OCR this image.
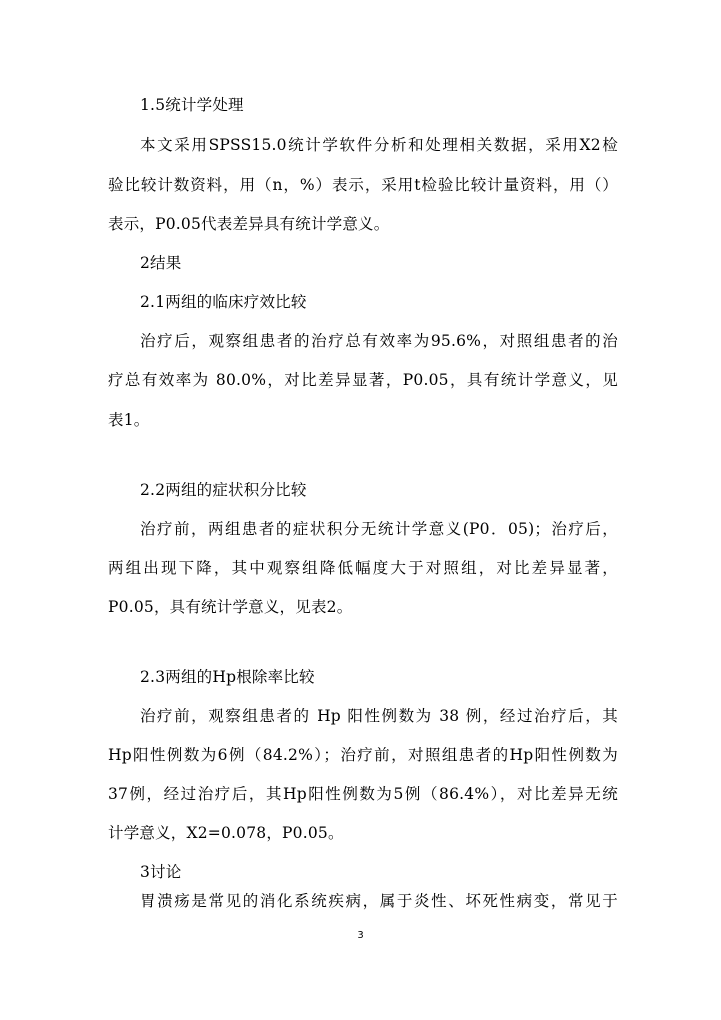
1.5统计学处理
本文采用SPSS15.0统计学软件分析和处理相关数据，采用X2检
验比较计数资料，用（n，%）表示，采用t检验比较计量资料，用（）
表示，P0.05代表差异具有统计学意义。
2结果
2.1两组的临床疗效比较
治疗后，观察组患者的治疗总有效率为95.6%，对照组患者的治
疗总有效率为 80.0%，对比差异显著，P0.05，具有统计学意义，见
表1。
2.2两组的症状积分比较
治疗前，两组患者的症状积分无统计学意义(P0．05)；治疗后，
两组出现下降，其中观察组降低幅度大于对照组，对比差异显著，
P0.05，具有统计学意义，见表2。
2.3两组的Hp根除率比较
治疗前，观察组患者的 Hp 阳性例数为 38 例，经过治疗后，其
Hp阳性例数为6例（84.2%）；治疗前，对照组患者的Hp阳性例数为
37例，经过治疗后，其Hp阳性例数为5例（86.4%），对比差异无统
计学意义，X2=0.078，P0.05。
3讨论
胃溃疡是常见的消化系统疾病，属于炎性、坏死性病变，常见于
3
